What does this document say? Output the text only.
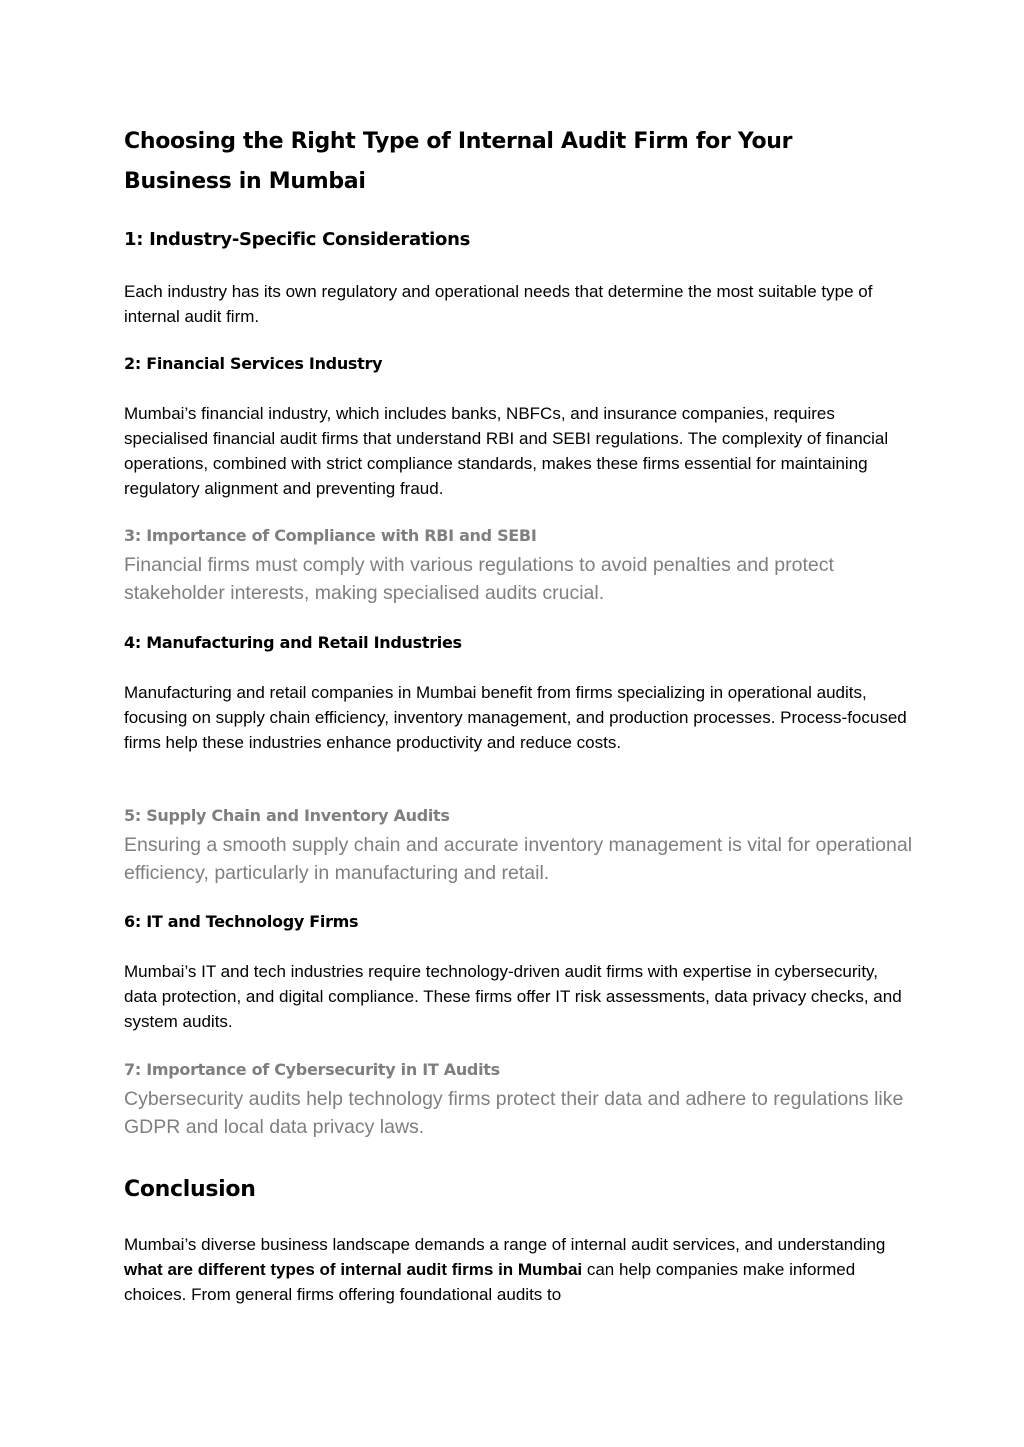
Choosing the Right Type of Internal Audit Firm for Your Business in Mumbai
1: Industry-Specific Considerations

Each industry has its own regulatory and operational needs that determine the most suitable type of internal audit firm.

2: Financial Services Industry

Mumbai’s financial industry, which includes banks, NBFCs, and insurance companies, requires specialised financial audit firms that understand RBI and SEBI regulations. The complexity of financial operations, combined with strict compliance standards, makes these firms essential for maintaining regulatory alignment and preventing fraud.

3: Importance of Compliance with RBI and SEBI

Financial firms must comply with various regulations to avoid penalties and protect stakeholder interests, making specialised audits crucial.

4: Manufacturing and Retail Industries

Manufacturing and retail companies in Mumbai benefit from firms specializing in operational audits, focusing on supply chain efficiency, inventory management, and production processes. Process-focused firms help these industries enhance productivity and reduce costs.

5: Supply Chain and Inventory Audits

Ensuring a smooth supply chain and accurate inventory management is vital for operational efficiency, particularly in manufacturing and retail.

6: IT and Technology Firms

Mumbai’s IT and tech industries require technology-driven audit firms with expertise in cybersecurity, data protection, and digital compliance. These firms offer IT risk assessments, data privacy checks, and system audits.

7: Importance of Cybersecurity in IT Audits

Cybersecurity audits help technology firms protect their data and adhere to regulations like GDPR and local data privacy laws.

Conclusion

Mumbai’s diverse business landscape demands a range of internal audit services, and understanding what are different types of internal audit firms in Mumbai can help companies make informed choices. From general firms offering foundational audits to
